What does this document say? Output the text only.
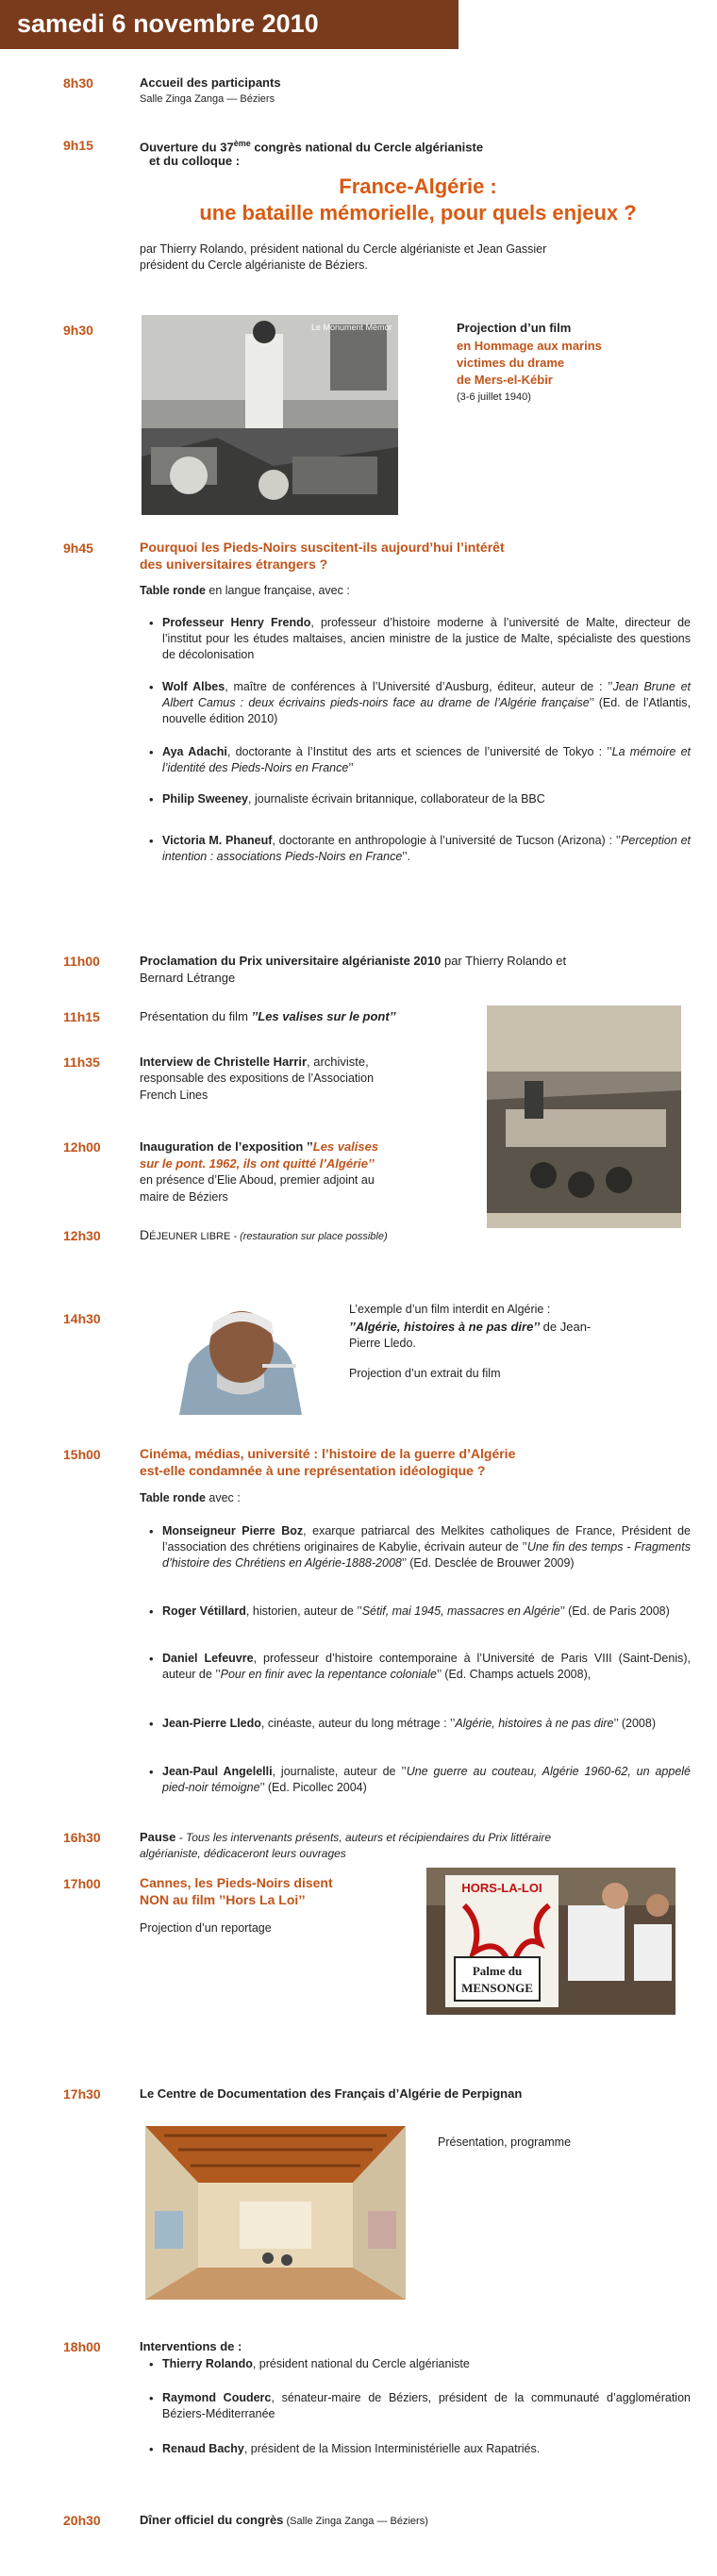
samedi 6 novembre 2010
8h30	Accueil des participants
Salle Zinga Zanga — Béziers
9h15	Ouverture du 37ème congrès national du Cercle algérianiste
et du colloque :
France-Algérie :
une bataille mémorielle, pour quels enjeux ?
par Thierry Rolando, président national du Cercle algérianiste et Jean Gassier
président du Cercle algérianiste de Béziers.
9h30	Le Monument Mémor	Projection d’un film
en Hommage aux marins
victimes du drame
de Mers-el-Kébir
(3-6 juillet 1940)
9h45	Pourquoi les Pieds-Noirs suscitent-ils aujourd’hui l’intérêt
des universitaires étrangers ?
Table ronde en langue française, avec :
• Professeur Henry Frendo, professeur d’histoire moderne à l’université de Malte, directeur de l’institut pour les études maltaises, ancien ministre de la justice de Malte, spécialiste des questions de décolonisation
• Wolf Albes, maître de conférences à l’Université d’Ausburg, éditeur, auteur de : ’’Jean Brune et Albert Camus : deux écrivains pieds-noirs face au drame de l’Algérie française’’ (Ed. de l’Atlantis, nouvelle édition 2010)
• Aya Adachi, doctorante à l’Institut des arts et sciences de l’université de Tokyo : ’’La mémoire et l’identité des Pieds-Noirs en France’’
• Philip Sweeney, journaliste écrivain britannique, collaborateur de la BBC
• Victoria M. Phaneuf, doctorante en anthropologie à l’université de Tucson (Arizona) : ’’Perception et intention : associations Pieds-Noirs en France’’.
11h00	Proclamation du Prix universitaire algérianiste 2010 par Thierry Rolando et
Bernard Létrange
11h15	Présentation du film ’’Les valises sur le pont’’
11h35	Interview de Christelle Harrir, archiviste,
responsable des expositions de l’Association
French Lines
12h00	Inauguration de l’exposition ’’Les valises
sur le pont. 1962, ils ont quitté l’Algérie’’
en présence d’Elie Aboud, premier adjoint au
maire de Béziers
12h30	DÉJEUNER LIBRE - (restauration sur place possible)
14h30
L’exemple d’un film interdit en Algérie :
’’Algérie, histoires à ne pas dire’’ de Jean-
Pierre Lledo.
Projection d’un extrait du film
15h00	Cinéma, médias, université : l’histoire de la guerre d’Algérie
est-elle condamnée à une représentation idéologique ?
Table ronde avec :
• Monseigneur Pierre Boz, exarque patriarcal des Melkites catholiques de France, Président de l’association des chrétiens originaires de Kabylie, écrivain auteur de ’’Une fin des temps - Fragments d’histoire des Chrétiens en Algérie-1888-2008’’ (Ed. Desclée de Brouwer 2009)
• Roger Vétillard, historien, auteur de ’’Sétif, mai 1945, massacres en Algérie’’ (Ed. de Paris 2008)
• Daniel Lefeuvre, professeur d’histoire contemporaine à l’Université de Paris VIII (Saint-Denis), auteur de ’’Pour en finir avec la repentance coloniale’’ (Ed. Champs actuels 2008),
• Jean-Pierre Lledo, cinéaste, auteur du long métrage : ’’Algérie, histoires à ne pas dire’’ (2008)
• Jean-Paul Angelelli, journaliste, auteur de ’’Une guerre au couteau, Algérie 1960-62, un appelé pied-noir témoigne’’ (Ed. Picollec 2004)
16h30	Pause - Tous les intervenants présents, auteurs et récipiendaires du Prix littéraire
algérianiste, dédicaceront leurs ouvrages
17h00	Cannes, les Pieds-Noirs disent
NON au film ’’Hors La Loi’’
Projection d’un reportage
HORS-LA-LOI
Palme du
MENSONGE
17h30	Le Centre de Documentation des Français d’Algérie de Perpignan
Présentation, programme
18h00	Interventions de :
• Thierry Rolando, président national du Cercle algérianiste
• Raymond Couderc, sénateur-maire de Béziers, président de la communauté d’agglomération Béziers-Méditerranée
• Renaud Bachy, président de la Mission Interministérielle aux Rapatriés.
20h30	Dîner officiel du congrès (Salle Zinga Zanga — Béziers)
